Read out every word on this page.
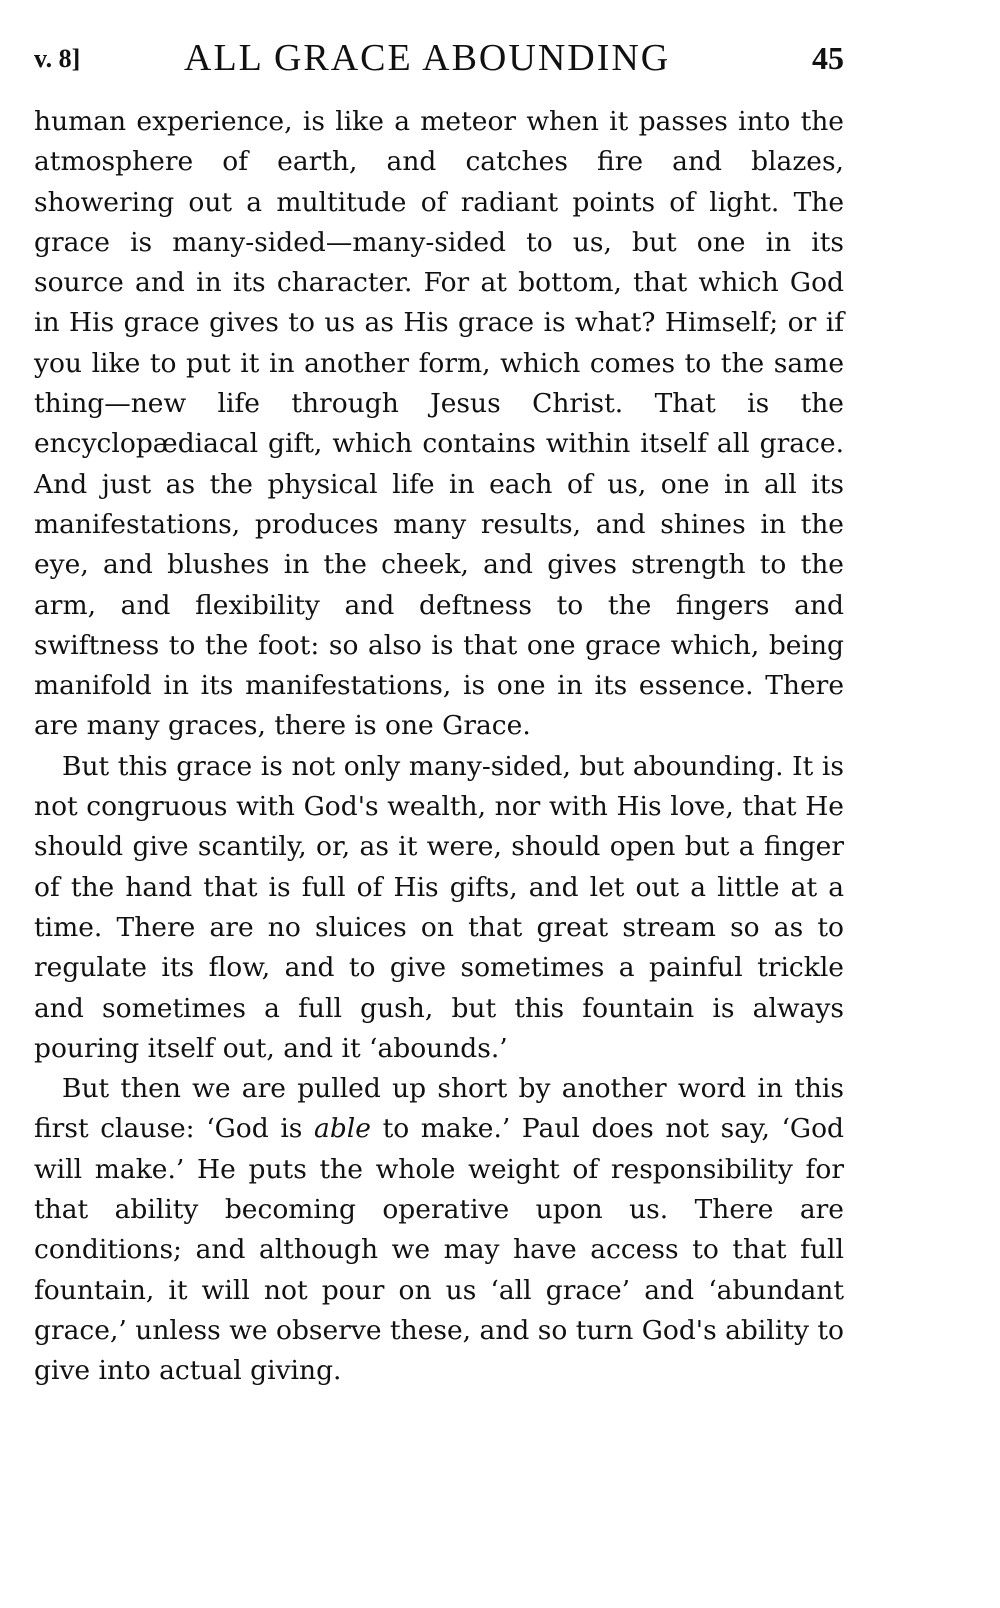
v. 8]	ALL GRACE ABOUNDING	45

human experience, is like a meteor when it passes into the atmosphere of earth, and catches fire and blazes, showering out a multitude of radiant points of light. The grace is many-sided—many-sided to us, but one in its source and in its character. For at bottom, that which God in His grace gives to us as His grace is what? Himself; or if you like to put it in another form, which comes to the same thing—new life through Jesus Christ. That is the encyclopædiacal gift, which contains within itself all grace. And just as the physical life in each of us, one in all its manifestations, produces many results, and shines in the eye, and blushes in the cheek, and gives strength to the arm, and flexibility and deftness to the fingers and swiftness to the foot: so also is that one grace which, being manifold in its manifestations, is one in its essence. There are many graces, there is one Grace.

But this grace is not only many-sided, but abounding. It is not congruous with God's wealth, nor with His love, that He should give scantily, or, as it were, should open but a finger of the hand that is full of His gifts, and let out a little at a time. There are no sluices on that great stream so as to regulate its flow, and to give sometimes a painful trickle and sometimes a full gush, but this fountain is always pouring itself out, and it ‘abounds.’

But then we are pulled up short by another word in this first clause: ‘God is able to make.’ Paul does not say, ‘God will make.’ He puts the whole weight of responsibility for that ability becoming operative upon us. There are conditions; and although we may have access to that full fountain, it will not pour on us ‘all grace’ and ‘abundant grace,’ unless we observe these, and so turn God's ability to give into actual giving.
